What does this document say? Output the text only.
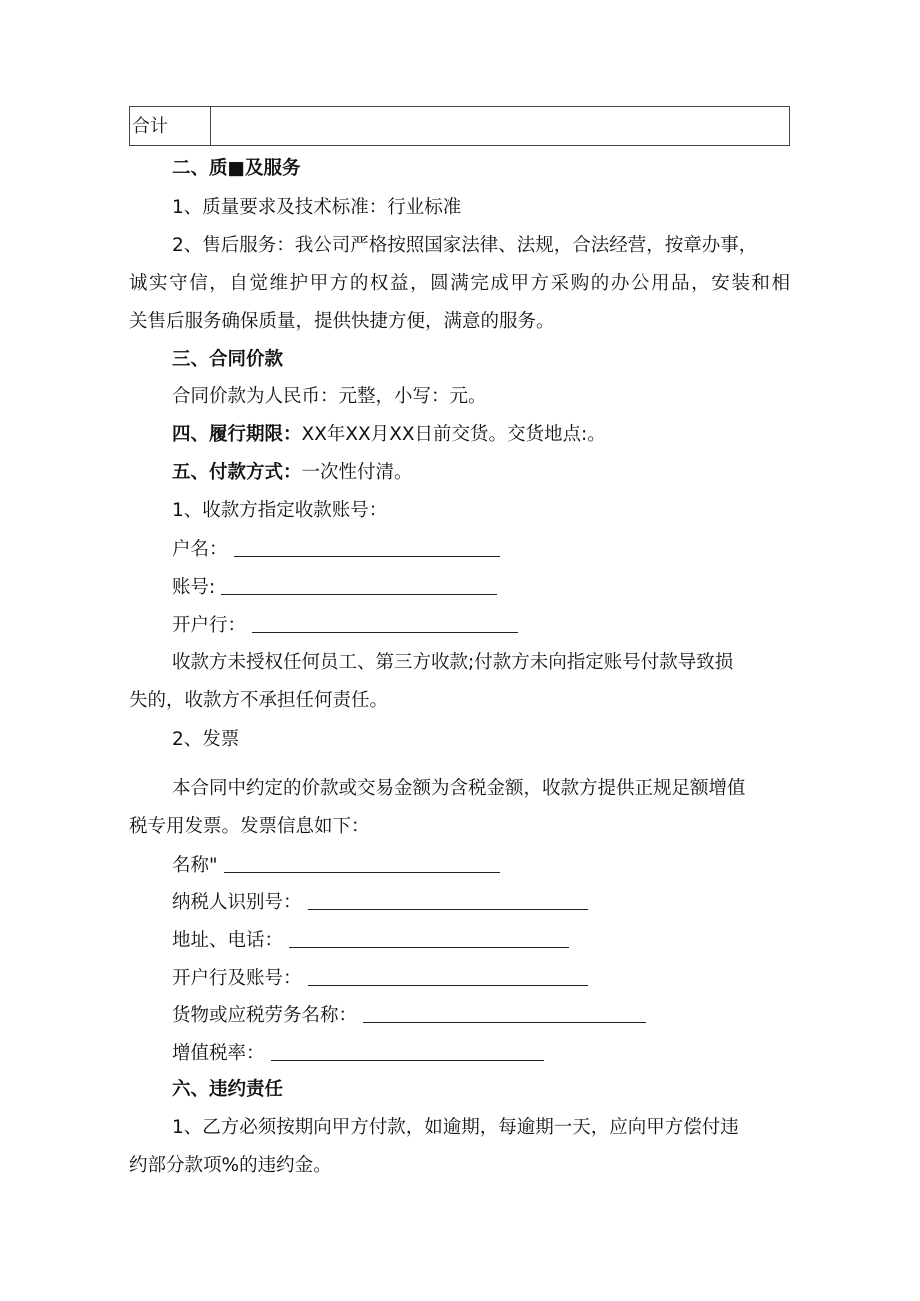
合计
二、质■及服务
1、质量要求及技术标准：行业标准
2、售后服务：我公司严格按照国家法律、法规，合法经营，按章办事，
诚实守信，自觉维护甲方的权益，圆满完成甲方采购的办公用品，安装和相
关售后服务确保质量，提供快捷方便，满意的服务。
三、合同价款
合同价款为人民币：元整，小写：元。
四、履行期限：XX年XX月XX日前交货。交货地点:。
五、付款方式：一次性付清。
1、收款方指定收款账号：
户名：
账号:
开户行：
收款方未授权任何员工、第三方收款;付款方未向指定账号付款导致损
失的，收款方不承担任何责任。
2、发票
本合同中约定的价款或交易金额为含税金额，收款方提供正规足额增值
税专用发票。发票信息如下：
名称"
纳税人识别号：
地址、电话：
开户行及账号：
货物或应税劳务名称：
增值税率：
六、违约责任
1、乙方必须按期向甲方付款，如逾期，每逾期一天，应向甲方偿付违
约部分款项%的违约金。
